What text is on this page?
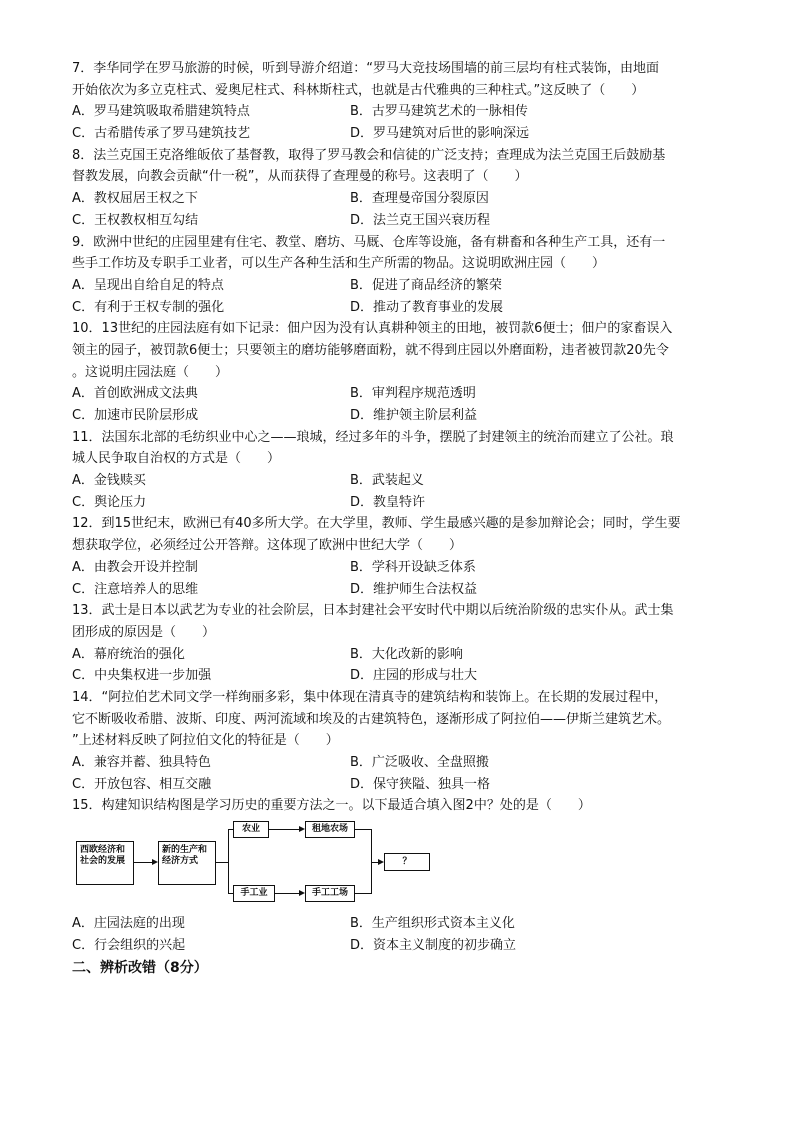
7．李华同学在罗马旅游的时候，听到导游介绍道：“罗马大竞技场围墙的前三层均有柱式装饰，由地面
开始依次为多立克柱式、爱奥尼柱式、科林斯柱式，也就是古代雅典的三种柱式。”这反映了（　　）
A．罗马建筑吸取希腊建筑特点	B．古罗马建筑艺术的一脉相传
C．古希腊传承了罗马建筑技艺	D．罗马建筑对后世的影响深远
8．法兰克国王克洛维皈依了基督教，取得了罗马教会和信徒的广泛支持；查理成为法兰克国王后鼓励基
督教发展，向教会贡献“什一税”，从而获得了查理曼的称号。这表明了（　　）
A．教权屈居王权之下	B．查理曼帝国分裂原因
C．王权教权相互勾结	D．法兰克王国兴衰历程
9．欧洲中世纪的庄园里建有住宅、教堂、磨坊、马厩、仓库等设施，备有耕畜和各种生产工具，还有一
些手工作坊及专职手工业者，可以生产各种生活和生产所需的物品。这说明欧洲庄园（　　）
A．呈现出自给自足的特点	B．促进了商品经济的繁荣
C．有利于王权专制的强化	D．推动了教育事业的发展
10．13世纪的庄园法庭有如下记录：佃户因为没有认真耕种领主的田地，被罚款6便士；佃户的家畜误入
领主的园子，被罚款6便士；只要领主的磨坊能够磨面粉，就不得到庄园以外磨面粉，违者被罚款20先令
。这说明庄园法庭（　　）
A．首创欧洲成文法典	B．审判程序规范透明
C．加速市民阶层形成	D．维护领主阶层利益
11．法国东北部的毛纺织业中心之——琅城，经过多年的斗争，摆脱了封建领主的统治而建立了公社。琅
城人民争取自治权的方式是（　　）
A．金钱赎买	B．武装起义
C．舆论压力	D．教皇特许
12．到15世纪末，欧洲已有40多所大学。在大学里，教师、学生最感兴趣的是参加辩论会；同时，学生要
想获取学位，必须经过公开答辩。这体现了欧洲中世纪大学（　　）
A．由教会开设并控制	B．学科开设缺乏体系
C．注意培养人的思维	D．维护师生合法权益
13．武士是日本以武艺为专业的社会阶层，日本封建社会平安时代中期以后统治阶级的忠实仆从。武士集
团形成的原因是（　　）
A．幕府统治的强化	B．大化改新的影响
C．中央集权进一步加强	D．庄园的形成与壮大
14．“阿拉伯艺术同文学一样绚丽多彩，集中体现在清真寺的建筑结构和装饰上。在长期的发展过程中，
它不断吸收希腊、波斯、印度、两河流域和埃及的古建筑特色，逐渐形成了阿拉伯——伊斯兰建筑艺术。
”上述材料反映了阿拉伯文化的特征是（　　）
A．兼容并蓄、独具特色	B．广泛吸收、全盘照搬
C．开放包容、相互交融	D．保守狭隘、独具一格
15．构建知识结构图是学习历史的重要方法之一。以下最适合填入图2中？处的是（　　）
西欧经济和社会的发展
新的生产和经济方式
农业	租地农场
手工业	手工工场
？
A．庄园法庭的出现	B．生产组织形式资本主义化
C．行会组织的兴起	D．资本主义制度的初步确立
二、辨析改错（8分）
